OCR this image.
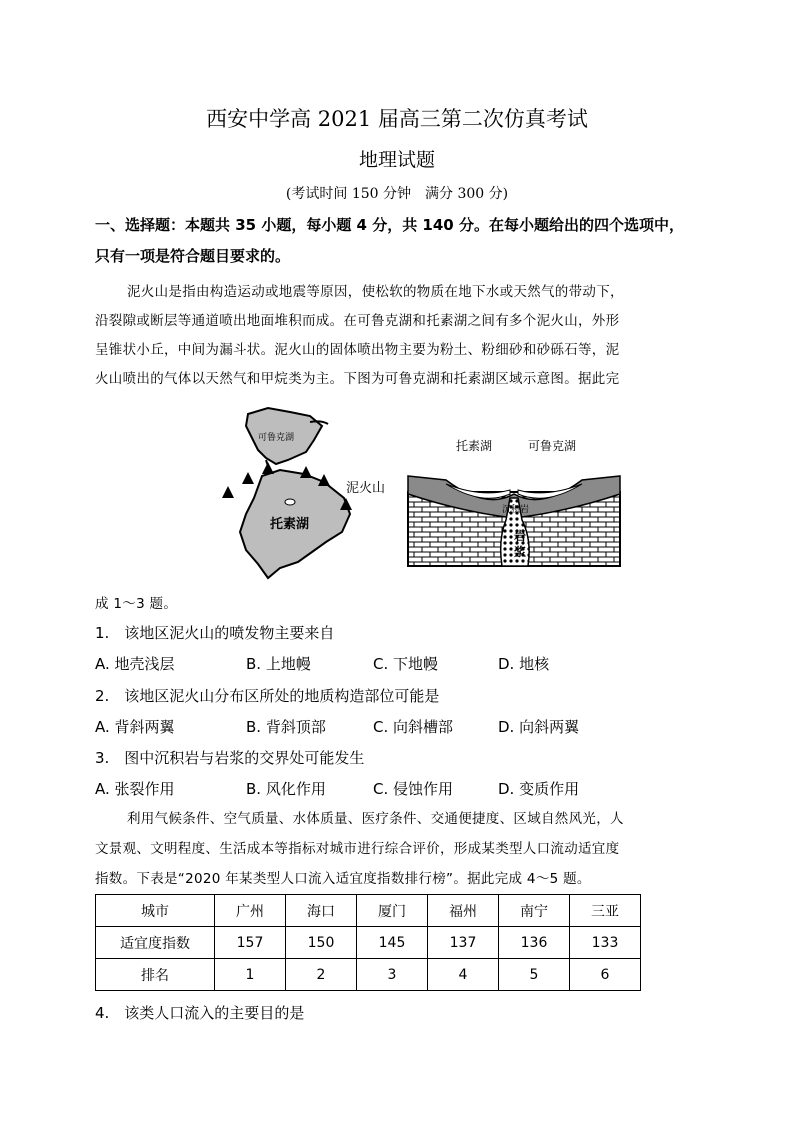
西安中学高 2021 届高三第二次仿真考试
地理试题
(考试时间 150 分钟　满分 300 分)
一、选择题：本题共 35 小题，每小题 4 分，共 140 分。在每小题给出的四个选项中，
只有一项是符合题目要求的。
泥火山是指由构造运动或地震等原因，使松软的物质在地下水或天然气的带动下，
沿裂隙或断层等通道喷出地面堆积而成。在可鲁克湖和托素湖之间有多个泥火山，外形
呈锥状小丘，中间为漏斗状。泥火山的固体喷出物主要为粉土、粉细砂和砂砾石等，泥
火山喷出的气体以天然气和甲烷类为主。下图为可鲁克湖和托素湖区域示意图。据此完
可鲁克湖
托素湖
泥火山
托素湖	可鲁克湖
沉积岩
岩
浆
成 1～3 题。
1.　该地区泥火山的喷发物主要来自
A. 地壳浅层	B. 上地幔	C. 下地幔	D. 地核
2.　该地区泥火山分布区所处的地质构造部位可能是
A. 背斜两翼	B. 背斜顶部	C. 向斜槽部	D. 向斜两翼
3.　图中沉积岩与岩浆的交界处可能发生
A. 张裂作用	B. 风化作用	C. 侵蚀作用	D. 变质作用
利用气候条件、空气质量、水体质量、医疗条件、交通便捷度、区域自然风光，人
文景观、文明程度、生活成本等指标对城市进行综合评价，形成某类型人口流动适宜度
指数。下表是“2020 年某类型人口流入适宜度指数排行榜”。据此完成 4～5 题。
城市	广州	海口	厦门	福州	南宁	三亚
适宜度指数	157	150	145	137	136	133
排名	1	2	3	4	5	6
4.　该类人口流入的主要目的是
